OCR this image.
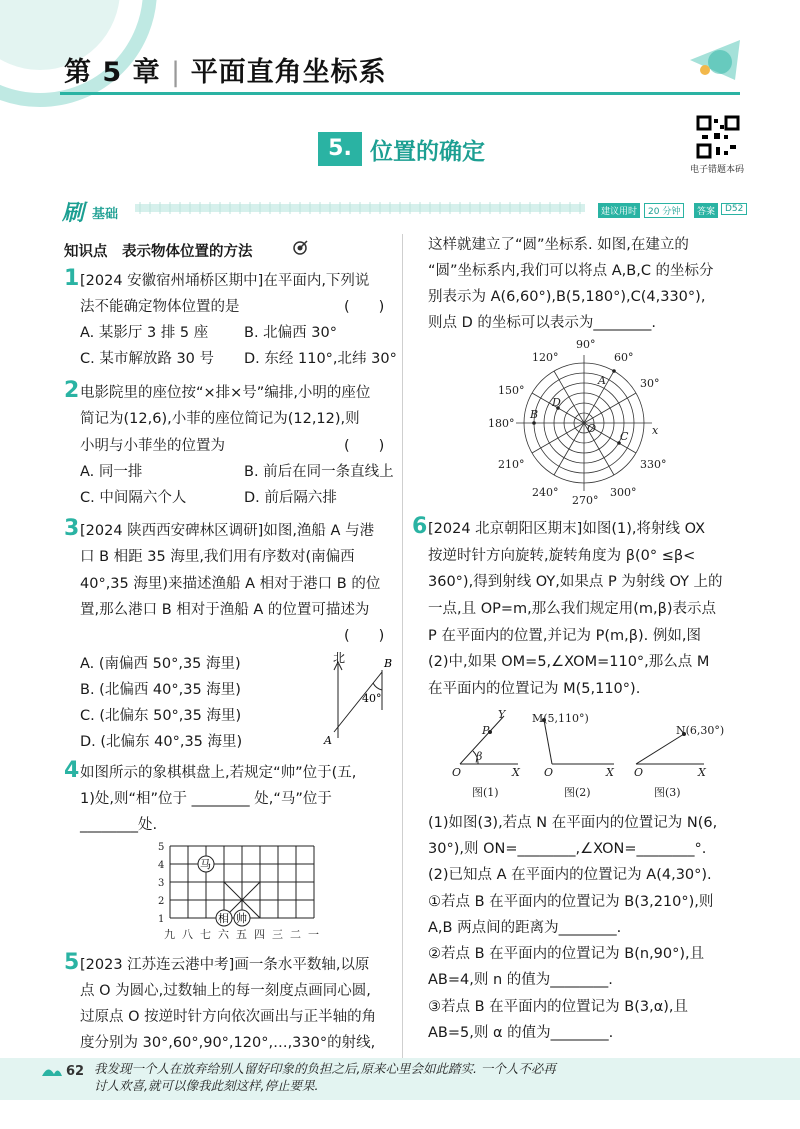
第 5 章 | 平面直角坐标系
5. 1
位置的确定
电子错题本码
刷 基础	建议用时	20 分钟	答案	D52
知识点　表示物体位置的方法
1 [2024 安徽宿州埇桥区期中]在平面内,下列说
法不能确定物体位置的是	(　　)
A. 某影厅 3 排 5 座 B. 北偏西 30°
C. 某市解放路 30 号 D. 东经 110°,北纬 30°
2 电影院里的座位按“×排×号”编排,小明的座位
简记为(12,6),小菲的座位简记为(12,12),则
小明与小菲坐的位置为	(　　)
A. 同一排	B. 前后在同一条直线上
C. 中间隔六个人	D. 前后隔六排
3 [2024 陕西西安碑林区调研]如图,渔船 A 与港
口 B 相距 35 海里,我们用有序数对(南偏西
40°,35 海里)来描述渔船 A 相对于港口 B 的位
置,那么港口 B 相对于渔船 A 的位置可描述为
(　　)
A. (南偏西 50°,35 海里)
B. (北偏西 40°,35 海里)
C. (北偏东 50°,35 海里)
D. (北偏东 40°,35 海里)
北	B
A
40°
4 如图所示的象棋棋盘上,若规定“帅”位于(五,
1)处,则“相”位于 ________ 处,“马”位于
________处.
5
4
3
2
1
九 八 七 六 五 四 三 二 一
马
相 帅
5 [2023 江苏连云港中考]画一条水平数轴,以原
点 O 为圆心,过数轴上的每一刻度点画同心圆,
过原点 O 按逆时针方向依次画出与正半轴的角
度分别为 30°,60°,90°,120°,…,330°的射线,
这样就建立了“圆”坐标系. 如图,在建立的
“圆”坐标系内,我们可以将点 A,B,C 的坐标分
别表示为 A(6,60°),B(5,180°),C(4,330°),
则点 D 的坐标可以表示为________.
90°
60°
30°
120°
150°
180°
210°
240°
270°
300°
330°
A
B
C
D
O	x
6 [2024 北京朝阳区期末]如图(1),将射线 OX
按逆时针方向旋转,旋转角度为 β(0° ≤β<
360°),得到射线 OY,如果点 P 为射线 OY 上的
一点,且 OP=m,那么我们规定用(m,β)表示点
P 在平面内的位置,并记为 P(m,β). 例如,图
(2)中,如果 OM=5,∠XOM=110°,那么点 M
在平面内的位置记为 M(5,110°).
O	X
Y
P
β
O	X O	X
M(5,110°)
N(6,30°)
图(1)	图(2)	图(3)
(1)如图(3),若点 N 在平面内的位置记为 N(6,
30°),则 ON=________,∠XON=________°.
(2)已知点 A 在平面内的位置记为 A(4,30°).
①若点 B 在平面内的位置记为 B(3,210°),则
A,B 两点间的距离为________.
②若点 B 在平面内的位置记为 B(n,90°),且
AB=4,则 n 的值为________.
③若点 B 在平面内的位置记为 B(3,α),且
AB=5,则 α 的值为________.
62 我发现一个人在放弃给别人留好印象的负担之后,原来心里会如此踏实. 一个人不必再
讨人欢喜,就可以像我此刻这样,停止要果.
